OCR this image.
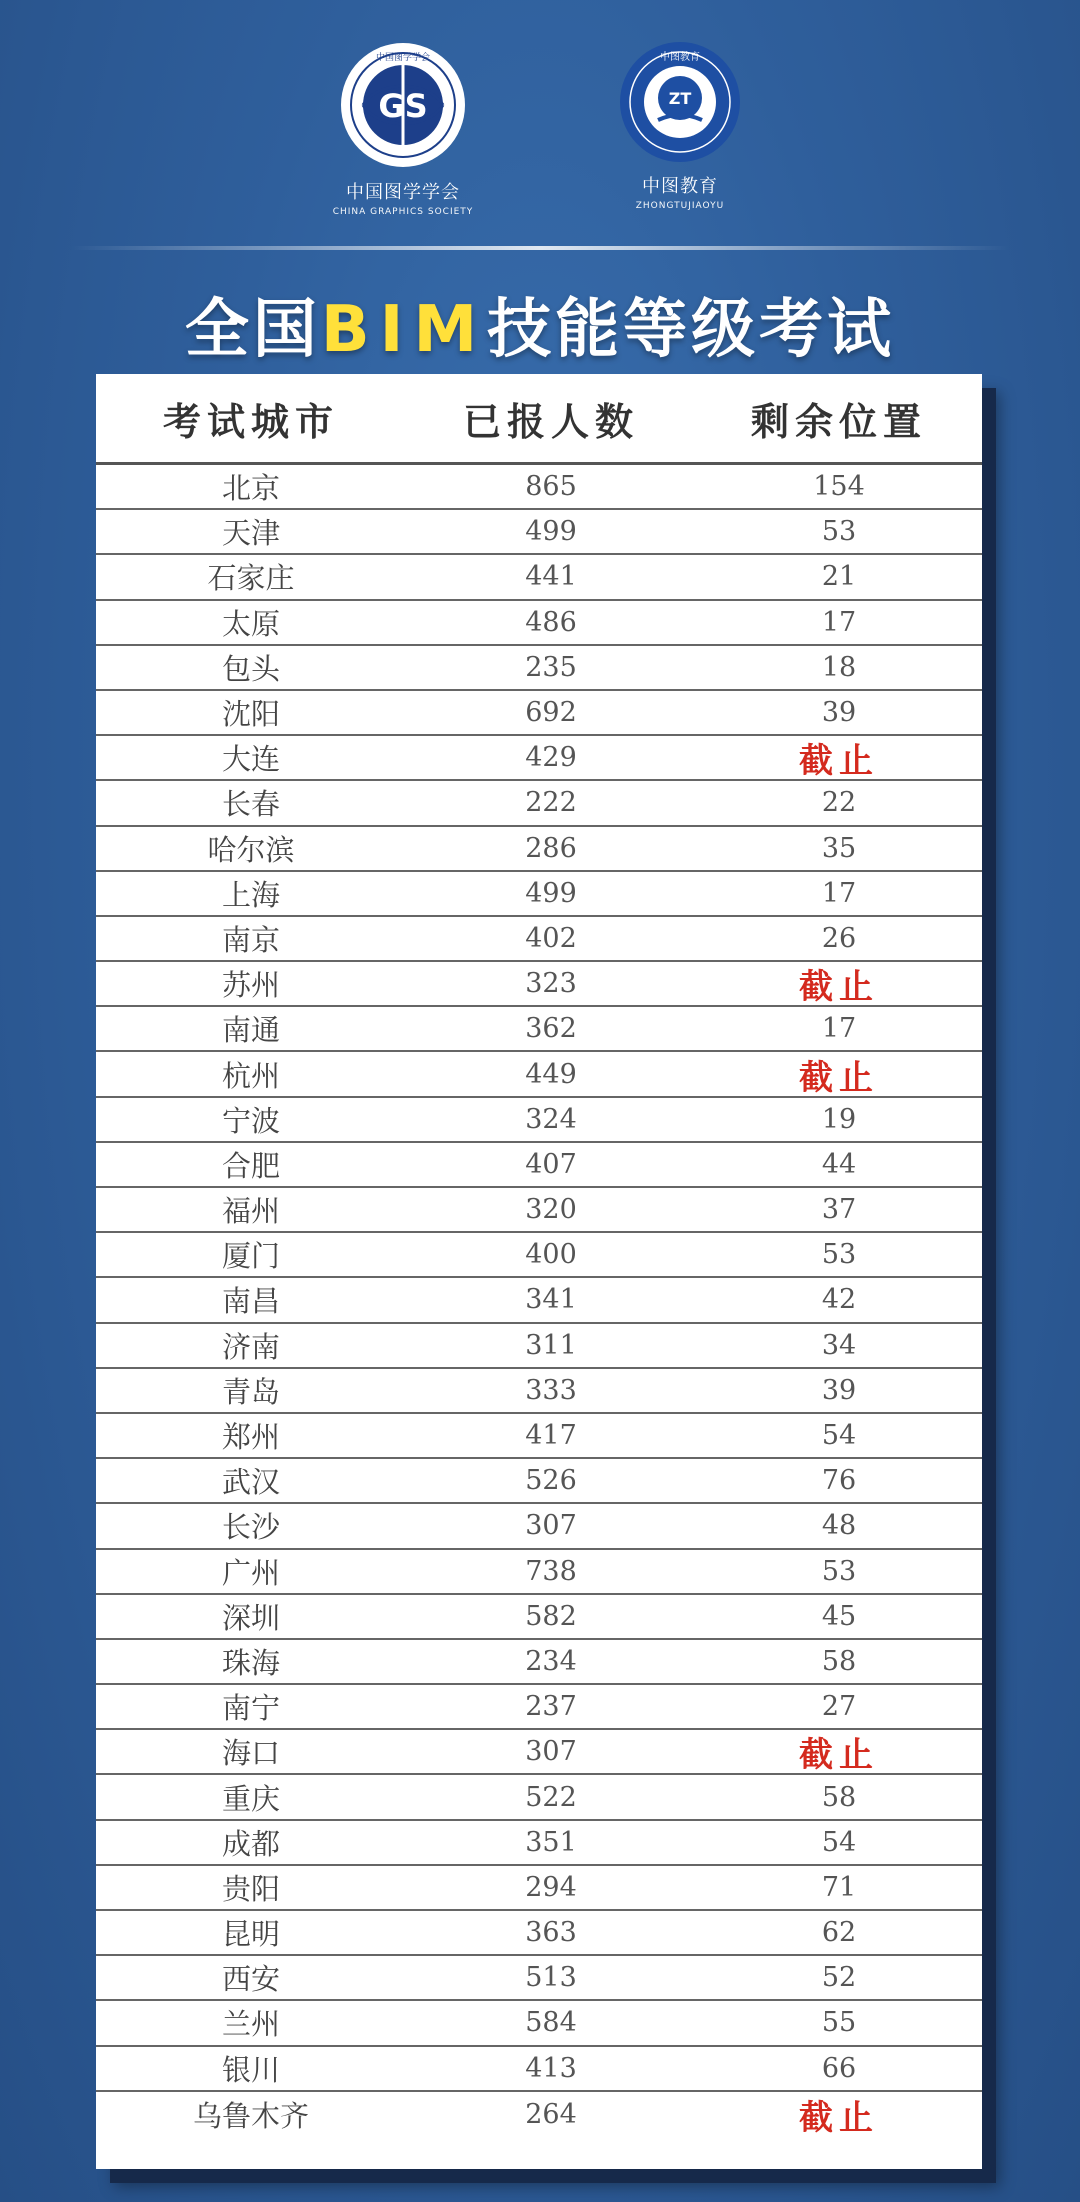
GS
中国图学学会
中国图学学会
CHINA GRAPHICS SOCIETY
ZT
中图教育
中图教育
ZHONGTUJIAOYU
全国BIM技能等级考试
考试城市	已报人数	剩余位置
北京	865	154
天津	499	53
石家庄	441	21
太原	486	17
包头	235	18
沈阳	692	39
大连	429	截止
长春	222	22
哈尔滨	286	35
上海	499	17
南京	402	26
苏州	323	截止
南通	362	17
杭州	449	截止
宁波	324	19
合肥	407	44
福州	320	37
厦门	400	53
南昌	341	42
济南	311	34
青岛	333	39
郑州	417	54
武汉	526	76
长沙	307	48
广州	738	53
深圳	582	45
珠海	234	58
南宁	237	27
海口	307	截止
重庆	522	58
成都	351	54
贵阳	294	71
昆明	363	62
西安	513	52
兰州	584	55
银川	413	66
乌鲁木齐	264	截止
